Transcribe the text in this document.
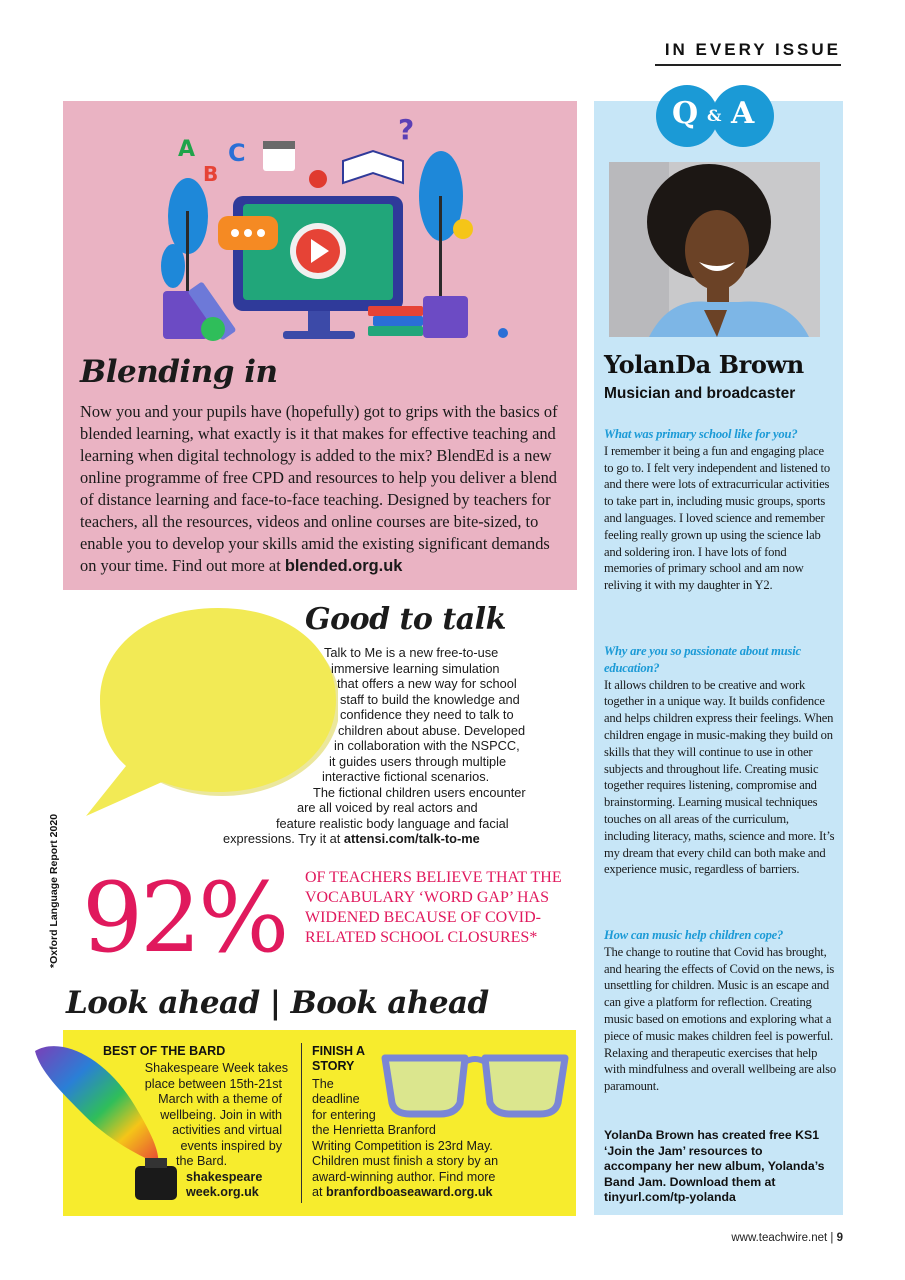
IN EVERY ISSUE
A
B
C
?
Blending in
Now you and your pupils have (hopefully) got to grips with the basics of blended learning, what exactly is it that makes for effective teaching and learning when digital technology is added to the mix? BlendEd is a new online programme of free CPD and resources to help you deliver a blend of distance learning and face-to-face teaching. Designed by teachers for teachers, all the resources, videos and online courses are bite-sized, to enable you to develop your skills amid the existing significant demands on your time. Find out more at blended.org.uk
Q & A
YolanDa Brown
Musician and broadcaster
What was primary school like for you?
I remember it being a fun and engaging place to go to. I felt very independent and listened to and there were lots of extracurricular activities to take part in, including music groups, sports and languages. I loved science and remember feeling really grown up using the science lab and soldering iron. I have lots of fond memories of primary school and am now reliving it with my daughter in Y2.
Why are you so passionate about music education?
It allows children to be creative and work together in a unique way. It builds confidence and helps children express their feelings. When children engage in music-making they build on skills that they will continue to use in other subjects and throughout life. Creating music together requires listening, compromise and brainstorming. Learning musical techniques touches on all areas of the curriculum, including literacy, maths, science and more. It’s my dream that every child can both make and experience music, regardless of barriers.
How can music help children cope?
The change to routine that Covid has brought, and hearing the effects of Covid on the news, is unsettling for children. Music is an escape and can give a platform for reflection. Creating music based on emotions and exploring what a piece of music makes children feel is powerful. Relaxing and therapeutic exercises that help with mindfulness and overall wellbeing are also paramount.
YolanDa Brown has created free KS1 ‘Join the Jam’ resources to accompany her new album, Yolanda’s Band Jam. Download them at tinyurl.com/tp-yolanda
Good to talk
Talk to Me is a new free-to-use
immersive learning simulation
that offers a new way for school
staff to build the knowledge and
confidence they need to talk to
children about abuse. Developed
in collaboration with the NSPCC,
it guides users through multiple
interactive fictional scenarios.
The fictional children users encounter
are all voiced by real actors and
feature realistic body language and facial
expressions. Try it at attensi.com/talk-to-me
*Oxford Language Report 2020 92% OF TEACHERS BELIEVE THAT THE VOCABULARY ‘WORD GAP’ HAS WIDENED BECAUSE OF COVID-RELATED SCHOOL CLOSURES*
Look ahead | Book ahead
BEST OF THE BARD
Shakespeare Week takes
place between 15th-21st
March with a theme of
wellbeing. Join in with
activities and virtual
events inspired by
the Bard.
shakespeare
week.org.uk
FINISH A STORY
The
deadline
for entering
the Henrietta Branford
Writing Competition is 23rd May.
Children must finish a story by an
award-winning author. Find more
at branfordboaseaward.org.uk
www.teachwire.net | 9
